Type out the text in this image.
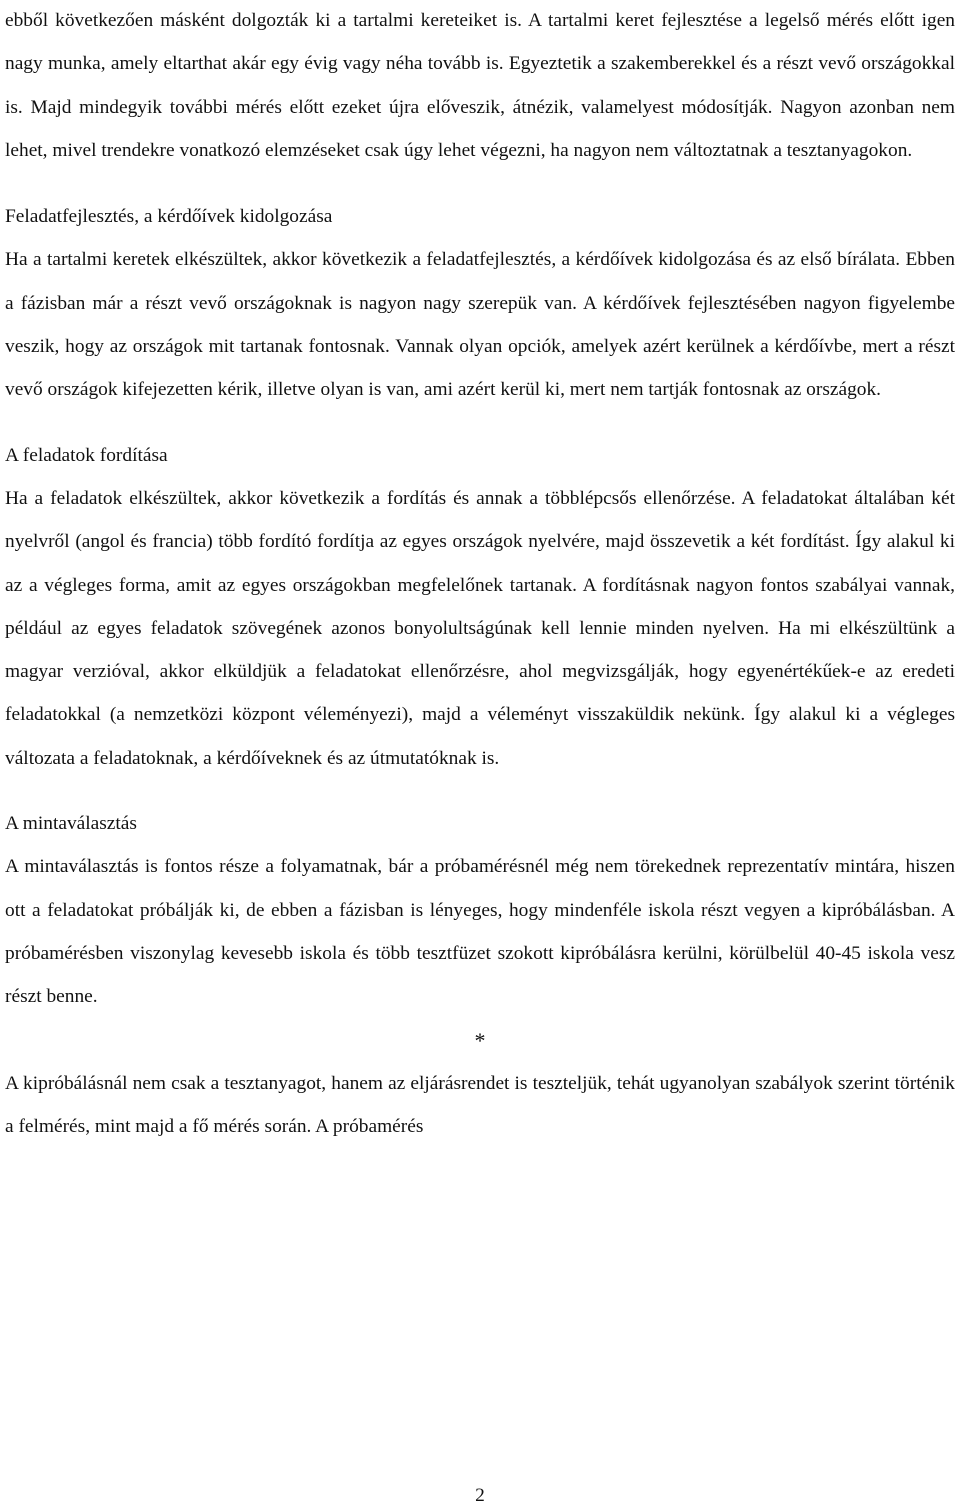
ebből következően másként dolgozták ki a tartalmi kereteiket is. A tartalmi keret fejlesztése a legelső mérés előtt igen nagy munka, amely eltarthat akár egy évig vagy néha tovább is. Egyeztetik a szakemberekkel és a részt vevő országokkal is. Majd mindegyik további mérés előtt ezeket újra előveszik, átnézik, valamelyest módosítják. Nagyon azonban nem lehet, mivel trendekre vonatkozó elemzéseket csak úgy lehet végezni, ha nagyon nem változtatnak a tesztanyagokon.

Feladatfejlesztés, a kérdőívek kidolgozása

Ha a tartalmi keretek elkészültek, akkor következik a feladatfejlesztés, a kérdőívek kidolgozása és az első bírálata. Ebben a fázisban már a részt vevő országoknak is nagyon nagy szerepük van. A kérdőívek fejlesztésében nagyon figyelembe veszik, hogy az országok mit tartanak fontosnak. Vannak olyan opciók, amelyek azért kerülnek a kérdőívbe, mert a részt vevő országok kifejezetten kérik, illetve olyan is van, ami azért kerül ki, mert nem tartják fontosnak az országok.

A feladatok fordítása

Ha a feladatok elkészültek, akkor következik a fordítás és annak a többlépcsős ellenőrzése. A feladatokat általában két nyelvről (angol és francia) több fordító fordítja az egyes országok nyelvére, majd összevetik a két fordítást. Így alakul ki az a végleges forma, amit az egyes országokban megfelelőnek tartanak. A fordításnak nagyon fontos szabályai vannak, például az egyes feladatok szövegének azonos bonyolultságúnak kell lennie minden nyelven. Ha mi elkészültünk a magyar verzióval, akkor elküldjük a feladatokat ellenőrzésre, ahol megvizsgálják, hogy egyenértékűek-e az eredeti feladatokkal (a nemzetközi központ véleményezi), majd a véleményt visszaküldik nekünk. Így alakul ki a végleges változata a feladatoknak, a kérdőíveknek és az útmutatóknak is.

A mintaválasztás

A mintaválasztás is fontos része a folyamatnak, bár a próbamérésnél még nem törekednek reprezentatív mintára, hiszen ott a feladatokat próbálják ki, de ebben a fázisban is lényeges, hogy mindenféle iskola részt vegyen a kipróbálásban. A próbamérésben viszonylag kevesebb iskola és több tesztfüzet szokott kipróbálásra kerülni, körülbelül 40-45 iskola vesz részt benne.

*

A kipróbálásnál nem csak a tesztanyagot, hanem az eljárásrendet is teszteljük, tehát ugyanolyan szabályok szerint történik a felmérés, mint majd a fő mérés során. A próbamérés

2
